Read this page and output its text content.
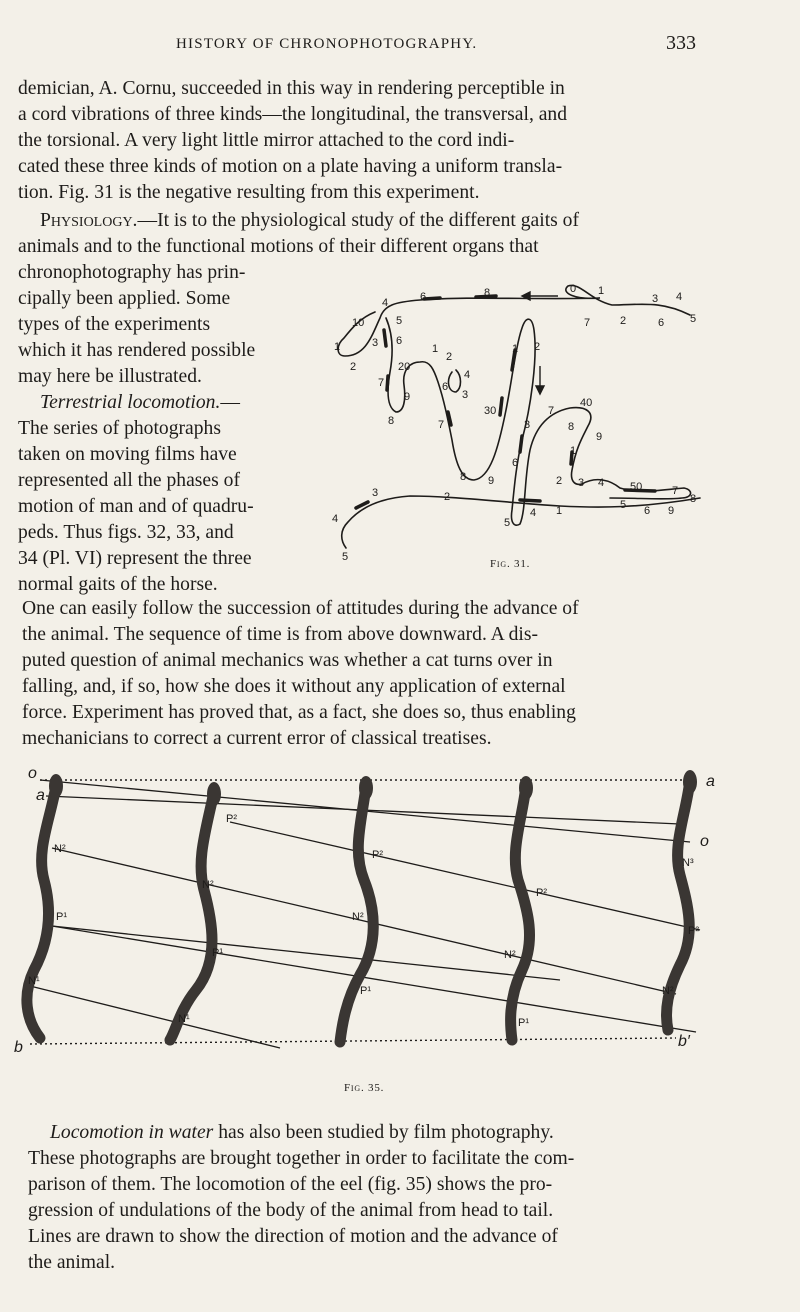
HISTORY OF CHRONOPHOTOGRAPHY.	333
demician, A. Cornu, succeeded in this way in rendering perceptible in
a cord vibrations of three kinds—the longitudinal, the transversal, and
the torsional. A very light little mirror attached to the cord indi-
cated these three kinds of motion on a plate having a uniform transla-
tion. Fig. 31 is the negative resulting from this experiment.
Physiology.—It is to the physiological study of the different gaits of
animals and to the functional motions of their different organs that
chronophotography has prin-
cipally been applied. Some
types of the experiments
which it has rendered possible
may here be illustrated.
Terrestrial locomotion.—
The series of photographs
taken on moving films have
represented all the phases of
motion of man and of quadru-
peds. Thus figs. 32, 33, and
34 (Pl. VI) represent the three
normal gaits of the horse.
One can easily follow the succession of attitudes during the advance of
the animal. The sequence of time is from above downward. A dis-
puted question of animal mechanics was whether a cat turns over in
falling, and, if so, how she does it without any application of external
force. Experiment has proved that, as a fact, she does so, thus enabling
mechanicians to correct a current error of classical treatises.
0 1
3 4
5
6
2
7
8
6
4
10	5
1	3
2
6
20
7
9
8
1
2
6
4
3
7
1 2
30
3
7
40
8
9
1
6
8 9	2 3 4 50	7
8
5 6 9
1
4
5
2
3
4
5
Fig. 31.
o
a
a
o
b	b′
N²
P¹
N¹
P²
N²
P¹
N¹
P²
N²
P¹
P²
N²
P¹
N³
P²
N²
Fig. 35.
Locomotion in water has also been studied by film photography.
These photographs are brought together in order to facilitate the com-
parison of them. The locomotion of the eel (fig. 35) shows the pro-
gression of undulations of the body of the animal from head to tail.
Lines are drawn to show the direction of motion and the advance of
the animal.
